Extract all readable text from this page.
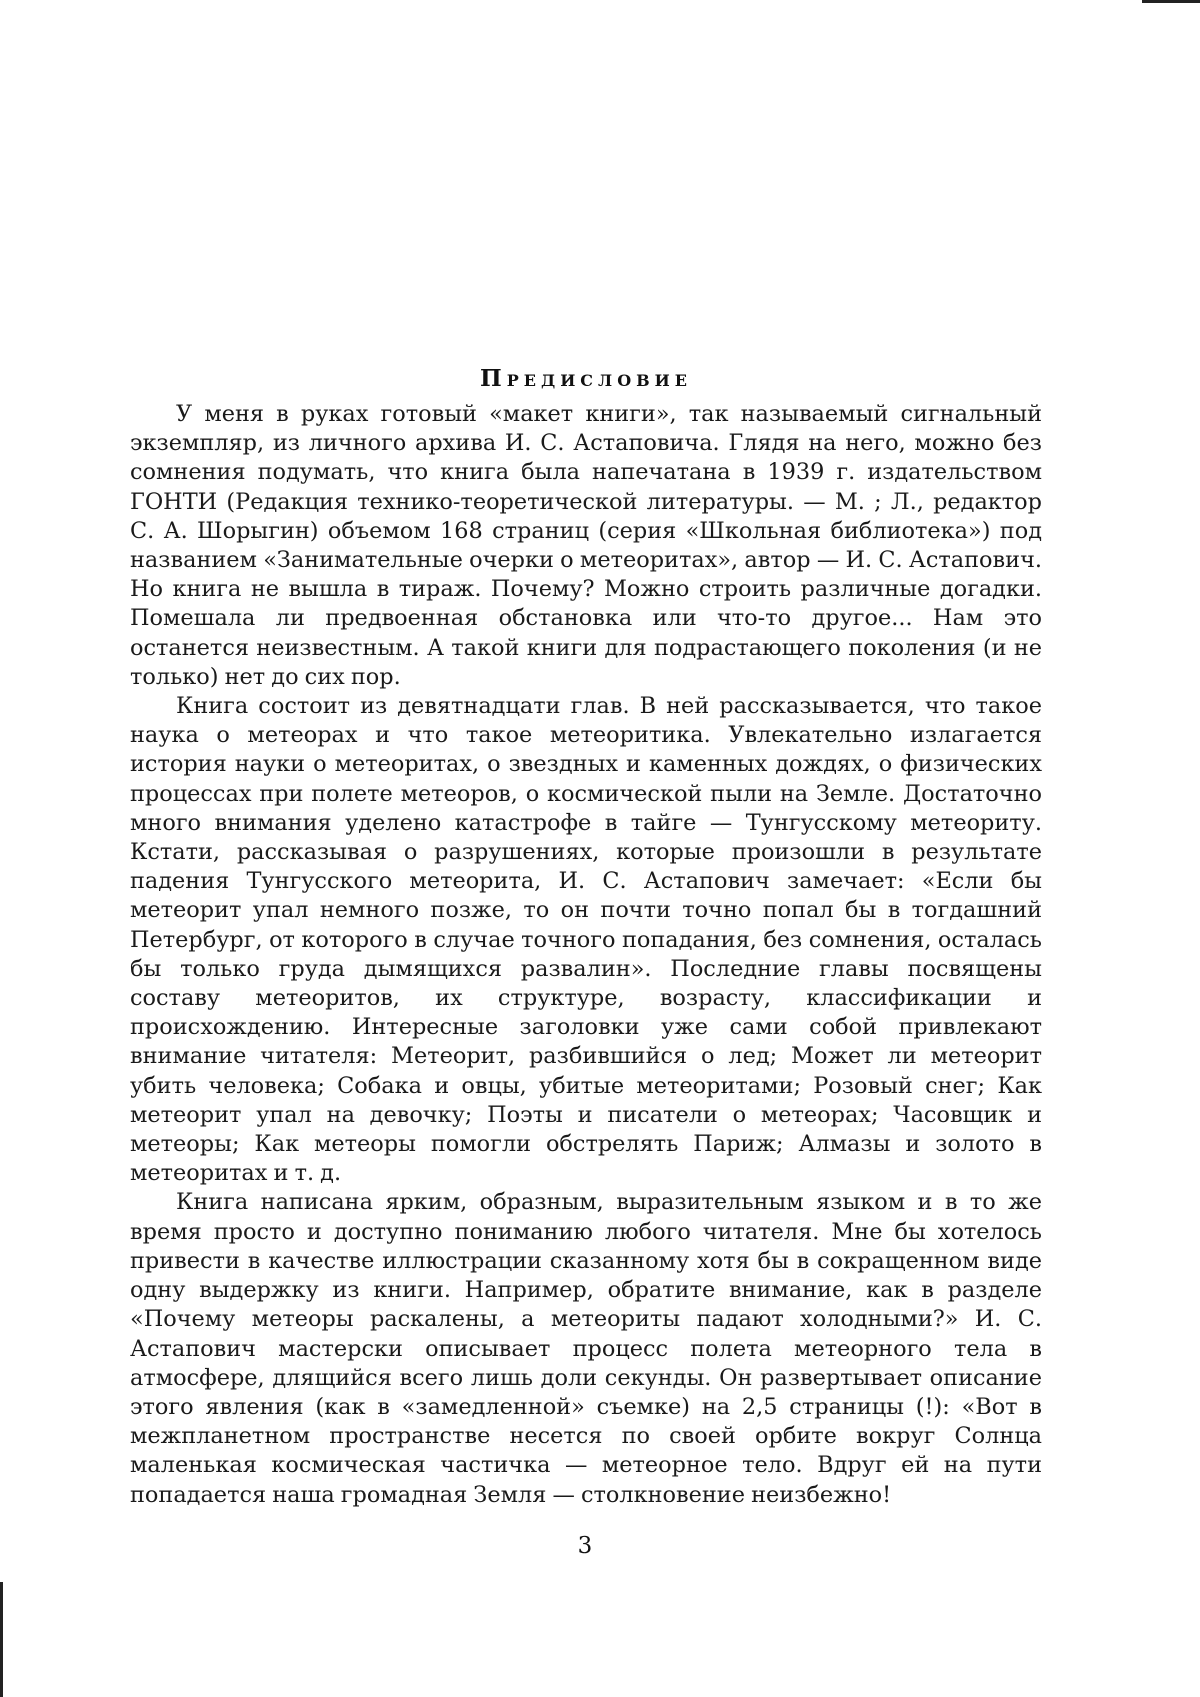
Предисловие

У меня в руках готовый «макет книги», так называемый сигнальный экземпляр, из личного архива И. С. Астаповича. Глядя на него, можно без сомнения подумать, что книга была напечатана в 1939 г. издательством ГОНТИ (Редакция технико-теоретической литературы. — М. ; Л., редактор С. А. Шорыгин) объемом 168 страниц (серия «Школьная библиотека») под названием «Занимательные очерки о метеоритах», автор — И. С. Астапович. Но книга не вышла в тираж. Почему? Можно строить различные догадки. Помешала ли предвоенная обстановка или что-то другое... Нам это останется неизвестным. А такой книги для подрастающего поколения (и не только) нет до сих пор.

Книга состоит из девятнадцати глав. В ней рассказывается, что такое наука о метеорах и что такое метеоритика. Увлекательно излагается история науки о метеоритах, о звездных и каменных дождях, о физических процессах при полете метеоров, о космической пыли на Земле. Достаточно много внимания уделено катастрофе в тайге — Тунгусскому метеориту. Кстати, рассказывая о разрушениях, которые произошли в результате падения Тунгусского метеорита, И. С. Астапович замечает: «Если бы метеорит упал немного позже, то он почти точно попал бы в тогдашний Петербург, от которого в случае точного попадания, без сомнения, осталась бы только груда дымящихся развалин». Последние главы посвящены составу метеоритов, их структуре, возрасту, классификации и происхождению. Интересные заголовки уже сами собой привлекают внимание читателя: Метеорит, разбившийся о лед; Может ли метеорит убить человека; Собака и овцы, убитые метеоритами; Розовый снег; Как метеорит упал на девочку; Поэты и писатели о метеорах; Часовщик и метеоры; Как метеоры помогли обстрелять Париж; Алмазы и золото в метеоритах и т. д.

Книга написана ярким, образным, выразительным языком и в то же время просто и доступно пониманию любого читателя. Мне бы хотелось привести в качестве иллюстрации сказанному хотя бы в сокращенном виде одну выдержку из книги. Например, обратите внимание, как в разделе «Почему метеоры раскалены, а метеориты падают холодными?» И. С. Астапович мастерски описывает процесс полета метеорного тела в атмосфере, длящийся всего лишь доли секунды. Он развертывает описание этого явления (как в «замедленной» съемке) на 2,5 страницы (!): «Вот в межпланетном пространстве несется по своей орбите вокруг Солнца маленькая космическая частичка — метеорное тело. Вдруг ей на пути попадается наша громадная Земля — столкновение неизбежно!

3
